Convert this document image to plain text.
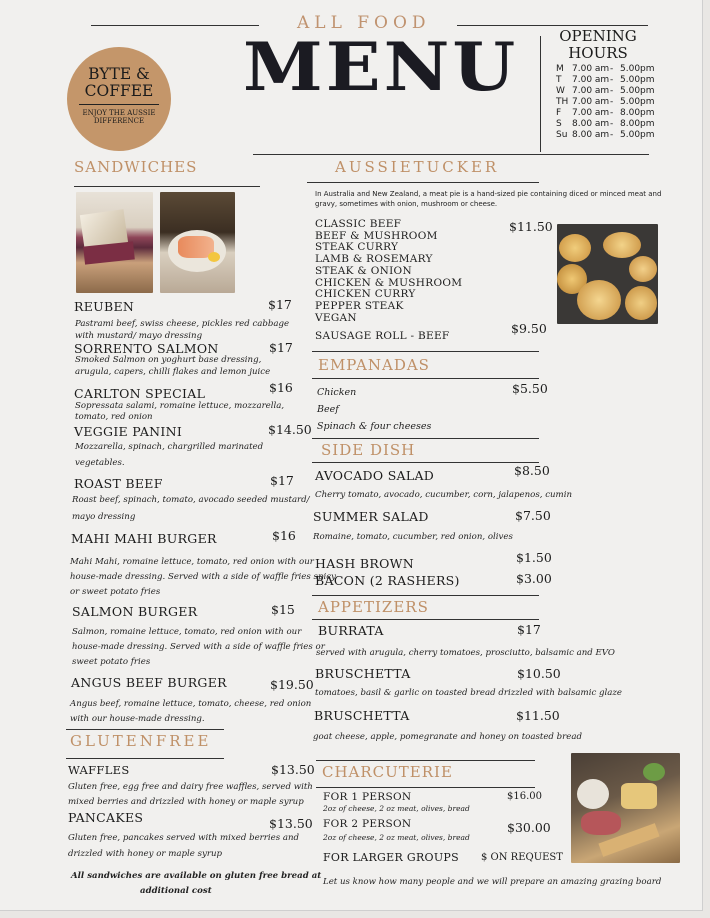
ALL FOOD
MENU
BYTE &
COFFEE
ENJOY THE AUSSIE
DIFFERENCE
OPENING
HOURS
M 7.00 am - 5.00pm
T 7.00 am - 5.00pm
W 7.00 am - 5.00pm
TH 7.00 am - 5.00pm
F 7.00 am - 8.00pm
S 8.00 am - 8.00pm
Su 8.00 am - 5.00pm
SANDWICHES
REUBEN	$17
Pastrami beef, swiss cheese, pickles red cabbage
with mustard/ mayo dressing
SORRENTO SALMON	$17
Smoked Salmon on yoghurt base dressing,
arugula, capers, chilli flakes and lemon juice
CARLTON SPECIAL	$16
Sopressata salami, romaine lettuce, mozzarella,
tomato, red onion
VEGGIE PANINI	$14.50
Mozzarella, spinach, chargrilled marinated
vegetables.
ROAST BEEF	$17
Roast beef, spinach, tomato, avocado seeded mustard/
mayo dressing
MAHI MAHI BURGER	$16
Mahi Mahi, romaine lettuce, tomato, red onion with our
house-made dressing. Served with a side of waffle fries spicy
or sweet potato fries
SALMON BURGER	$15
Salmon, romaine lettuce, tomato, red onion with our
house-made dressing. Served with a side of waffle fries or
sweet potato fries
ANGUS BEEF BURGER	$19.50
Angus beef, romaine lettuce, tomato, cheese, red onion
with our house-made dressing.
GLUTENFREE
WAFFLES	$13.50
Gluten free, egg free and dairy free waffles, served with
mixed berries and drizzled with honey or maple syrup
PANCAKES	$13.50
Gluten free, pancakes served with mixed berries and
drizzled with honey or maple syrup
All sandwiches are available on gluten free bread at
additional cost
AUSSIETUCKER
In Australia and New Zealand, a meat pie is a hand-sized pie containing diced or minced meat and
gravy, sometimes with onion, mushroom or cheese.
CLASSIC BEEF
BEEF & MUSHROOM
STEAK CURRY
LAMB & ROSEMARY
STEAK & ONION
CHICKEN & MUSHROOM
CHICKEN CURRY
PEPPER STEAK
VEGAN
$11.50
SAUSAGE ROLL - BEEF	$9.50
EMPANADAS
Chicken
Beef
Spinach & four cheeses
$5.50
SIDE DISH
AVOCADO SALAD	$8.50
Cherry tomato, avocado, cucumber, corn, jalapenos, cumin
SUMMER SALAD	$7.50
Romaine, tomato, cucumber, red onion, olives
HASH BROWN	$1.50
BACON (2 RASHERS)	$3.00
APPETIZERS
BURRATA	$17
served with arugula, cherry tomatoes, prosciutto, balsamic and EVO
BRUSCHETTA	$10.50
tomatoes, basil & garlic on toasted bread drizzled with balsamic glaze
BRUSCHETTA	$11.50
goat cheese, apple, pomegranate and honey on toasted bread
CHARCUTERIE
FOR 1 PERSON	$16.00
2oz of cheese, 2 oz meat, olives, bread
FOR 2 PERSON	$30.00
2oz of cheese, 2 oz meat, olives, bread
FOR LARGER GROUPS $ ON REQUEST
Let us know how many people and we will prepare an amazing grazing board
